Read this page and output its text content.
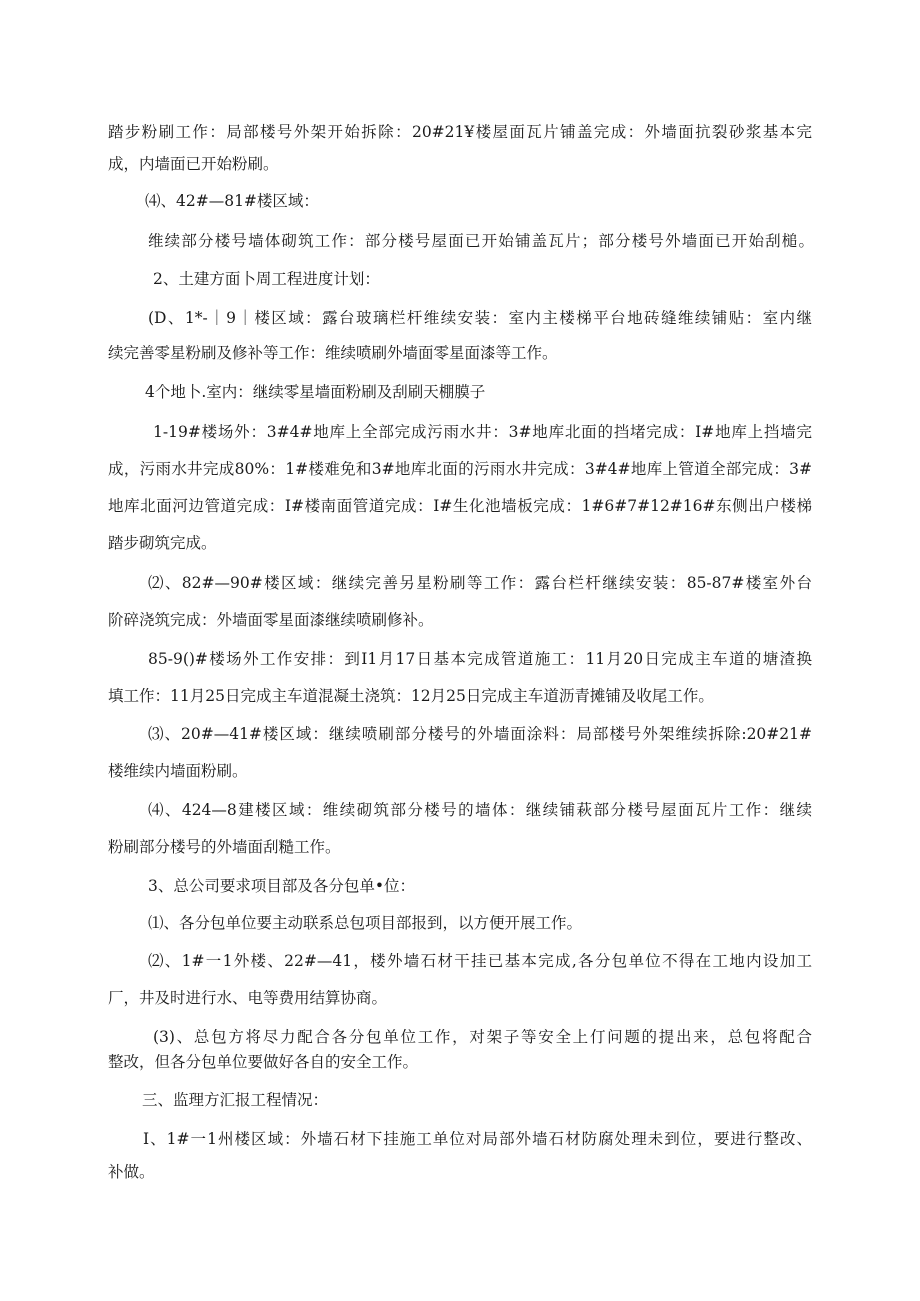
踏步粉刷工作：局部楼号外架开始拆除：20#21¥楼屋面瓦片铺盖完成：外墙面抗裂砂浆基本完
成，内墙面已开始粉刷。
⑷、42#—81#楼区域：
维续部分楼号墙体砌筑工作：部分楼号屋面已开始铺盖瓦片；部分楼号外墙面已开始刮槌。
2、土建方面卜周工程进度计划：
(D、1*-｜9｜楼区域：露台玻璃栏杆维续安装：室内主楼梯平台地砖缝维续铺贴：室内继
续完善零星粉刷及修补等工作：维续喷刷外墙面零星面漆等工作。
4个地卜.室内：继续零星墙面粉刷及刮刷天棚膜子
1-19#楼场外：3#4#地库上全部完成污雨水井：3#地库北面的挡堵完成：I#地库上挡墙完
成，污雨水井完成80%：1#楼难免和3#地库北面的污雨水井完成：3#4#地库上管道全部完成：3#
地库北面河边管道完成：I#楼南面管道完成：I#生化池墙板完成：1#6#7#12#16#东侧出户楼梯
踏步砌筑完成。
⑵、82#—90#楼区域：继续完善另星粉刷等工作：露台栏杆继续安装：85-87#楼室外台
阶碎浇筑完成：外墙面零星面漆继续喷刷修补。
85-9()#楼场外工作安排：到I1月17日基本完成管道施工：11月20日完成主车道的塘渣换
填工作：11月25日完成主车道混凝土浇筑：12月25日完成主车道沥青摊铺及收尾工作。
⑶、20#—41#楼区域：继续喷刷部分楼号的外墙面涂料：局部楼号外架维续拆除:20#21#
楼维续内墙面粉刷。
⑷、424—8建楼区域：维续砌筑部分楼号的墙体：继续铺萩部分楼号屋面瓦片工作：继续
粉刷部分楼号的外墙面刮糙工作。
3、总公司要求项目部及各分包单•位：
⑴、各分包单位要主动联系总包项目部报到，以方便开展工作。
⑵、1#一1外楼、22#—41，楼外墙石材干挂已基本完成,各分包单位不得在工地内设加工
厂，井及时进行水、电等费用结算协商。
(3)、总包方将尽力配合各分包单位工作，对架子等安全上仃问题的提出来，总包将配合
整改，但各分包单位要做好各自的安全工作。
三、监理方汇报工程情况：
I、1#一1州楼区域：外墙石材下挂施工单位对局部外墙石材防腐处理未到位，要进行整改、
补做。
